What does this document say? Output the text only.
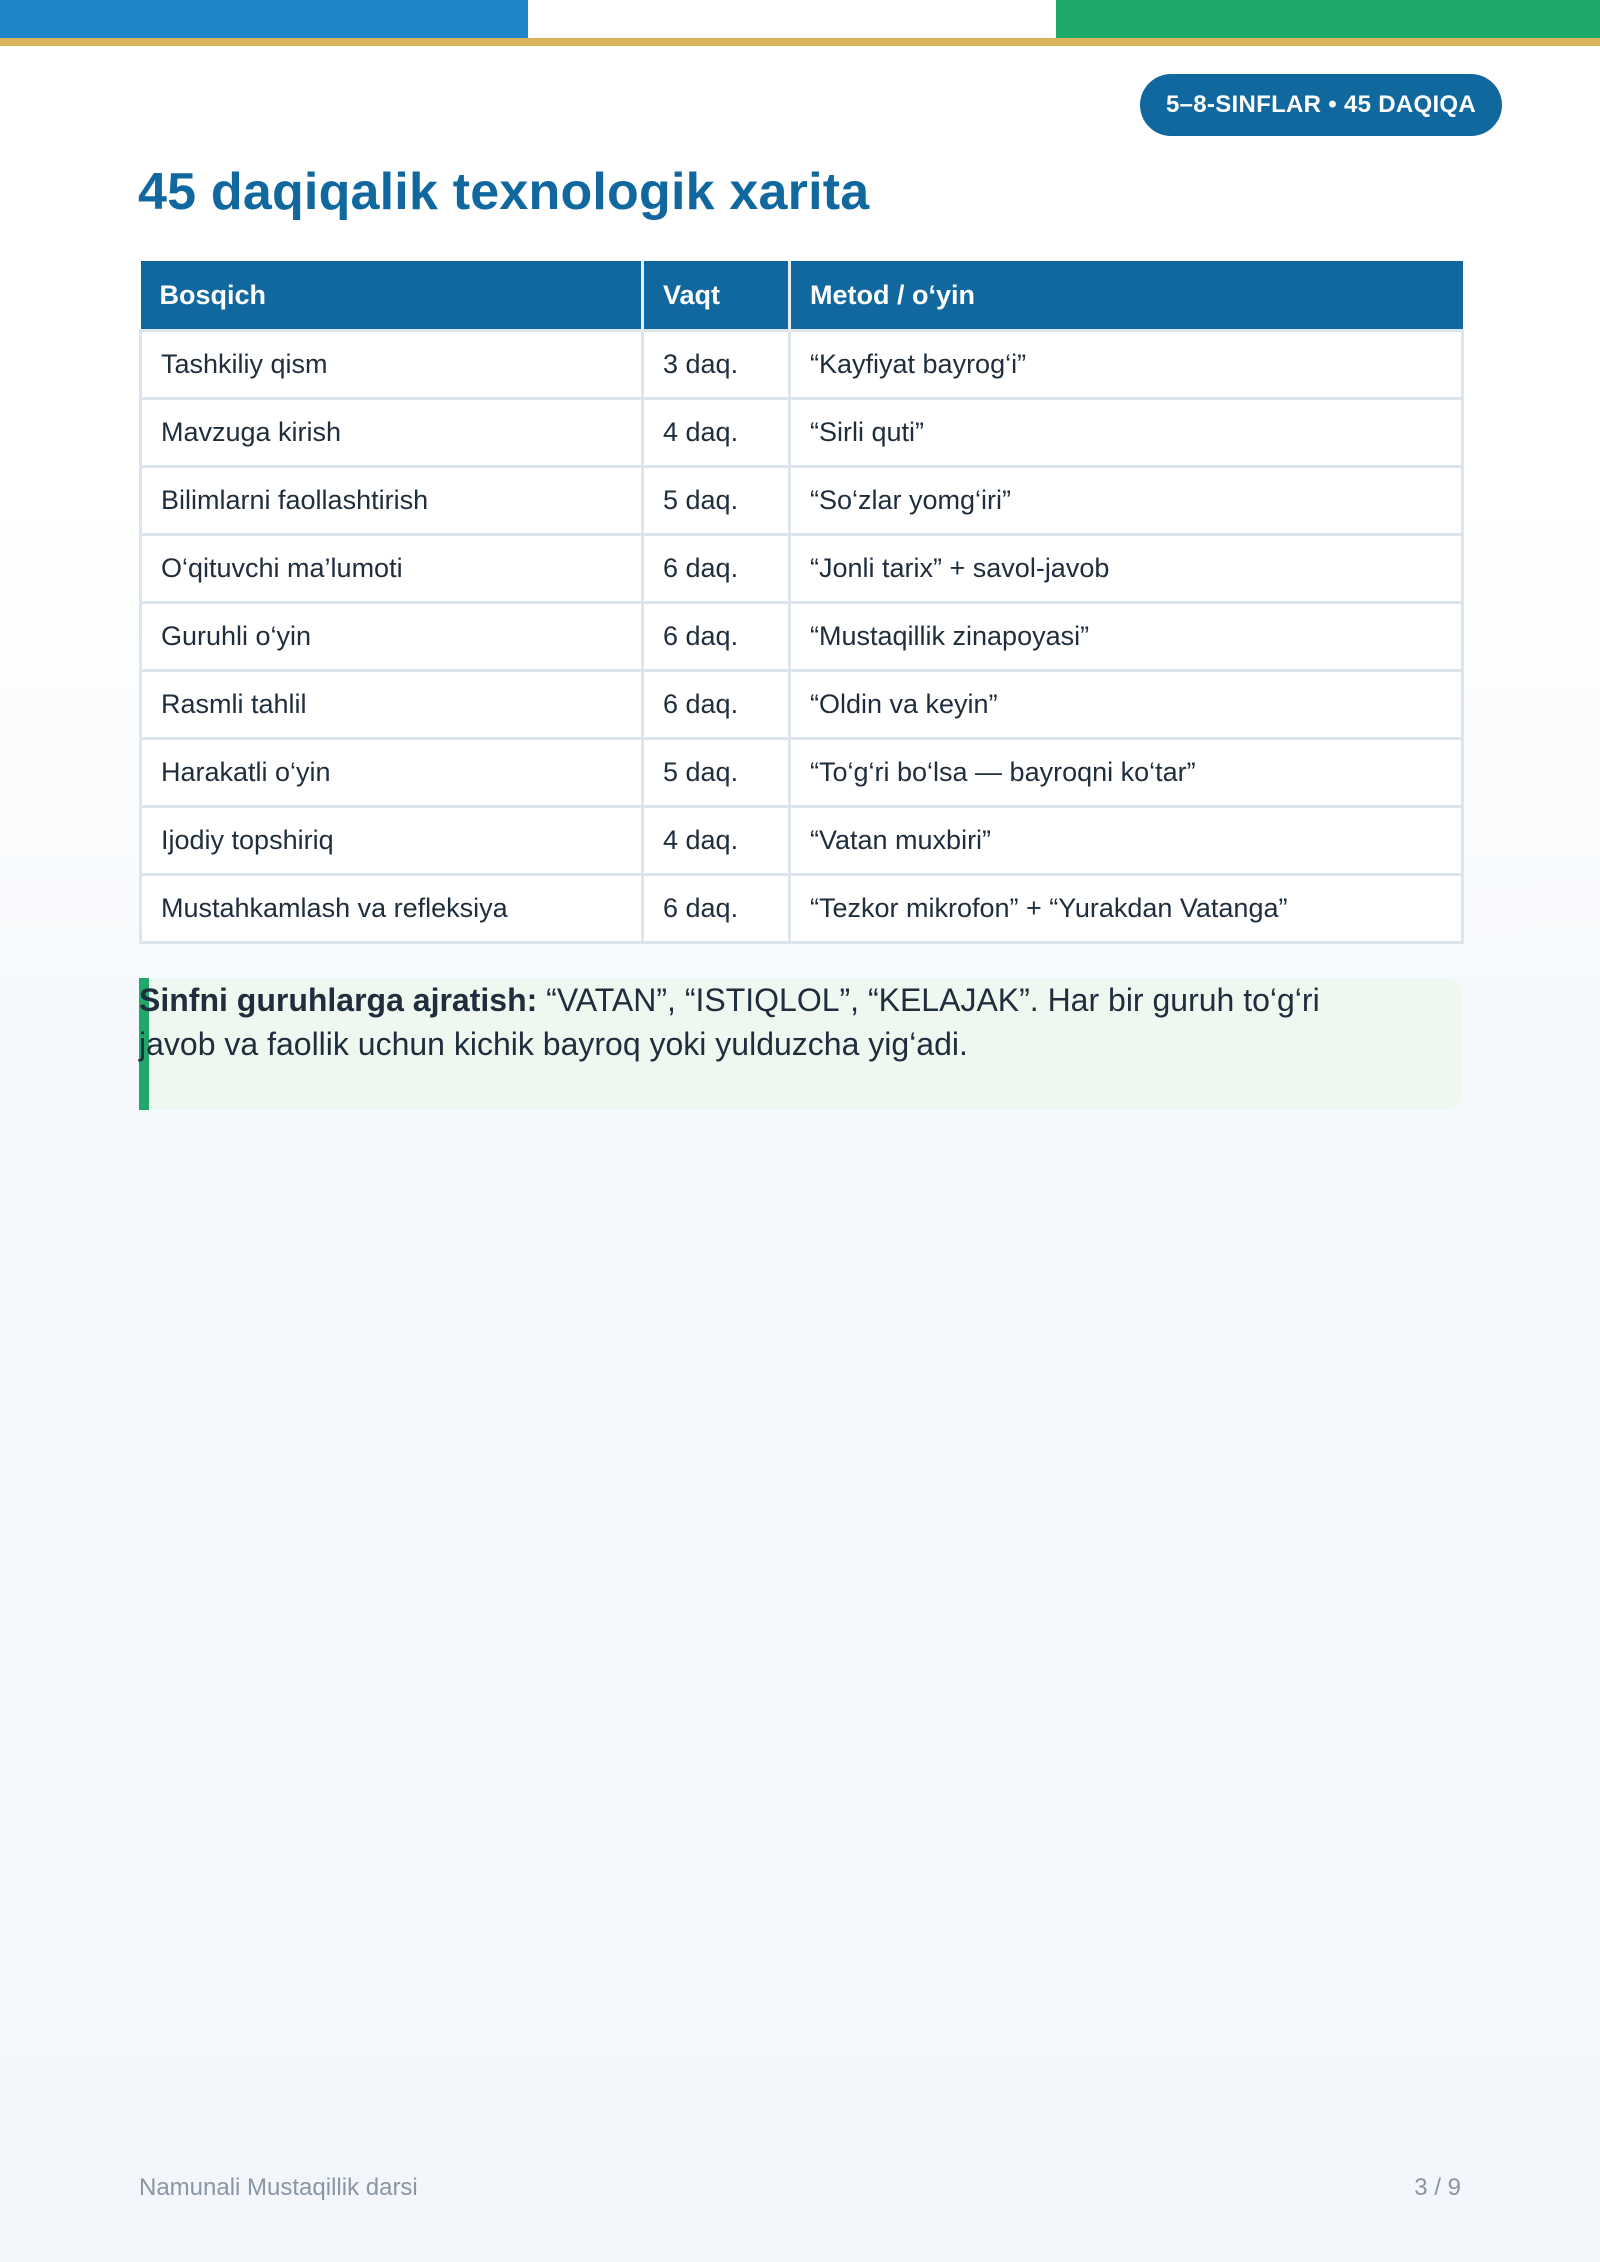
5–8-SINFLAR • 45 DAQIQA
45 daqiqalik texnologik xarita
Bosqich	Vaqt	Metod / o‘yin
Tashkiliy qism	3 daq.	“Kayfiyat bayrog‘i”
Mavzuga kirish	4 daq.	“Sirli quti”
Bilimlarni faollashtirish	5 daq.	“So‘zlar yomg‘iri”
O‘qituvchi ma’lumoti	6 daq.	“Jonli tarix” + savol-javob
Guruhli o‘yin	6 daq.	“Mustaqillik zinapoyasi”
Rasmli tahlil	6 daq.	“Oldin va keyin”
Harakatli o‘yin	5 daq.	“To‘g‘ri bo‘lsa — bayroqni ko‘tar”
Ijodiy topshiriq	4 daq.	“Vatan muxbiri”
Mustahkamlash va refleksiya	6 daq.	“Tezkor mikrofon” + “Yurakdan Vatanga”

Sinfni guruhlarga ajratish: “VATAN”, “ISTIQLOL”, “KELAJAK”. Har bir guruh to‘g‘ri javob va faollik uchun kichik bayroq yoki yulduzcha yig‘adi.

Namunali Mustaqillik darsi	3 / 9
